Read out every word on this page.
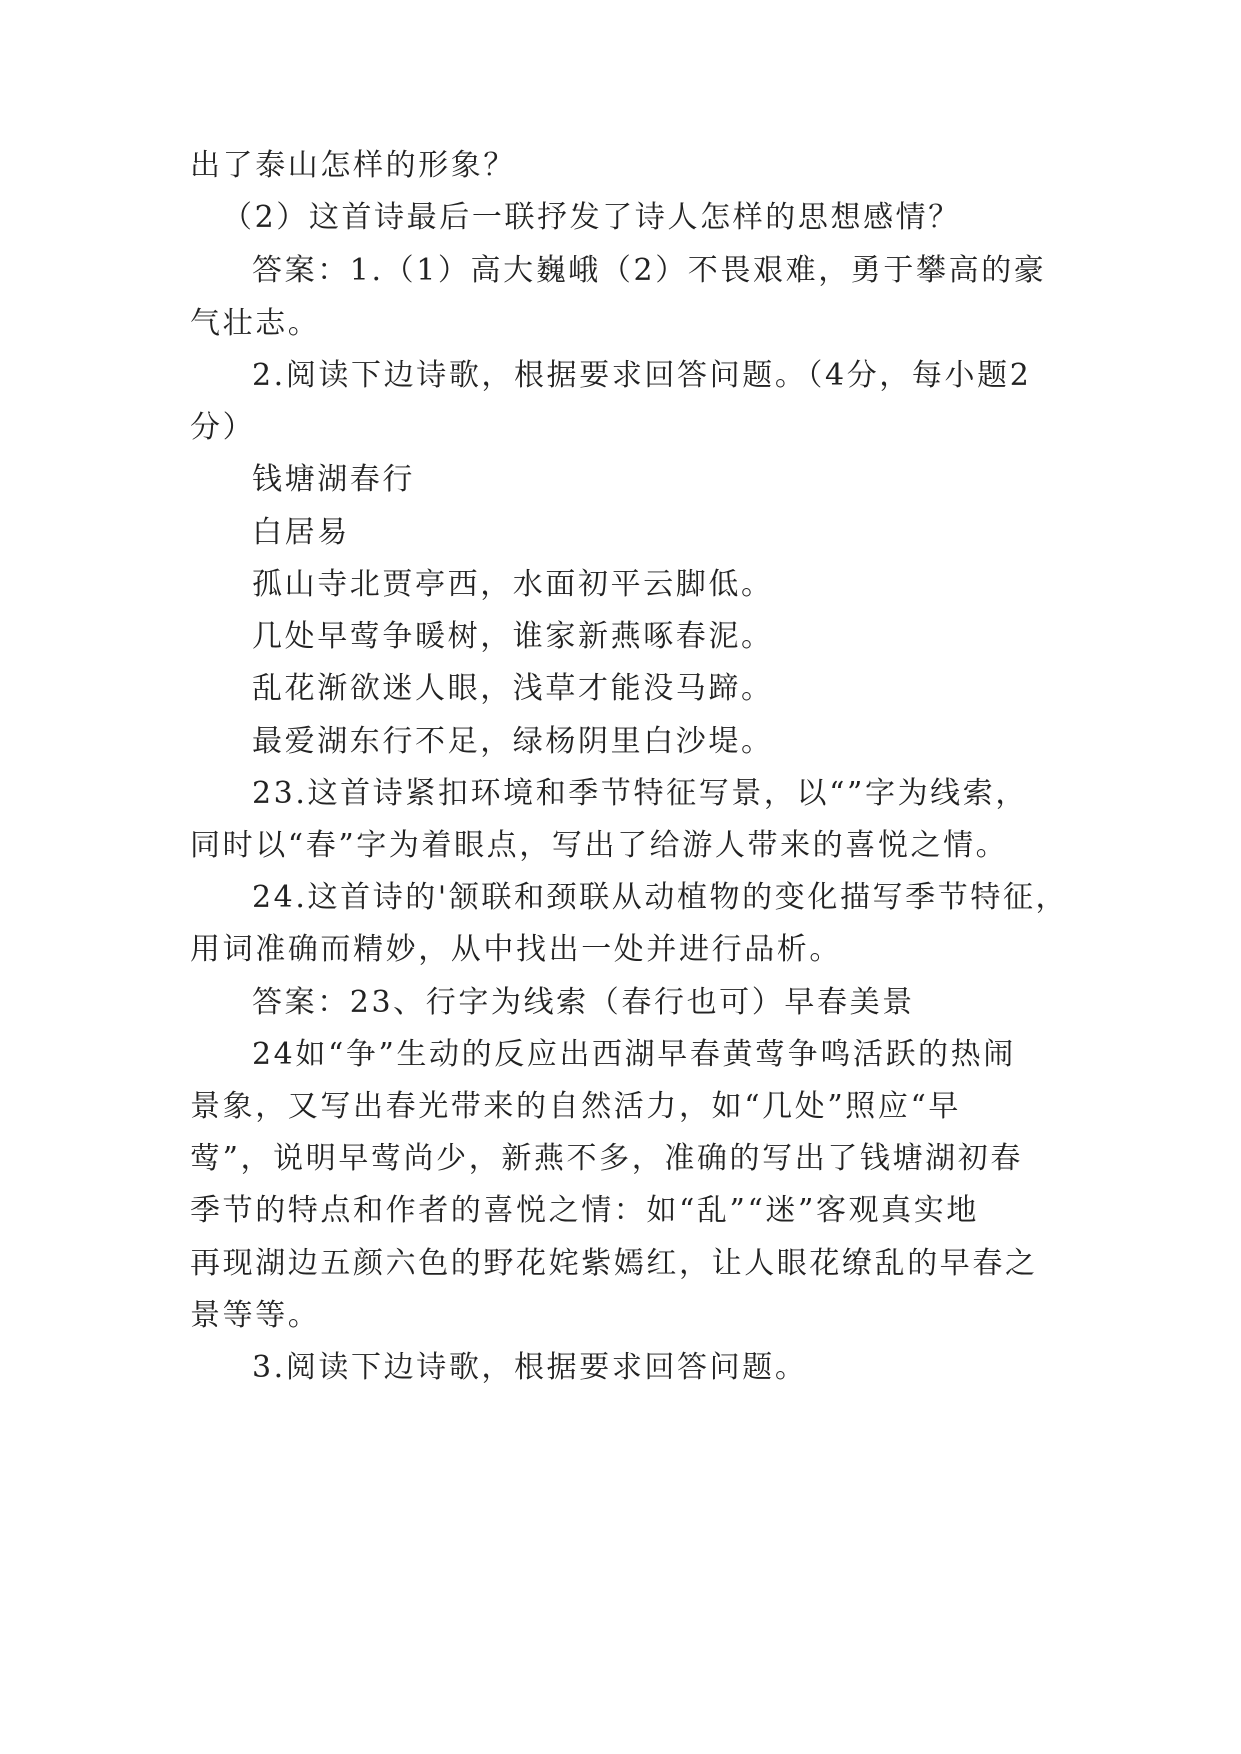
出了泰山怎样的形象？
（2）这首诗最后一联抒发了诗人怎样的思想感情？
答案：1.（1）高大巍峨（2）不畏艰难，勇于攀高的豪
气壮志。
2.阅读下边诗歌，根据要求回答问题。（4分，每小题2
分）
钱塘湖春行
白居易
孤山寺北贾亭西，水面初平云脚低。
几处早莺争暖树，谁家新燕啄春泥。
乱花渐欲迷人眼，浅草才能没马蹄。
最爱湖东行不足，绿杨阴里白沙堤。
23.这首诗紧扣环境和季节特征写景，以“”字为线索，
同时以“春”字为着眼点，写出了给游人带来的喜悦之情。
24.这首诗的'颔联和颈联从动植物的变化描写季节特征，
用词准确而精妙，从中找出一处并进行品析。
答案：23、行字为线索（春行也可）早春美景
24如“争”生动的反应出西湖早春黄莺争鸣活跃的热闹
景象，又写出春光带来的自然活力，如“几处”照应“早
莺”，说明早莺尚少，新燕不多，准确的写出了钱塘湖初春
季节的特点和作者的喜悦之情：如“乱”“迷”客观真实地
再现湖边五颜六色的野花姹紫嫣红，让人眼花缭乱的早春之
景等等。
3.阅读下边诗歌，根据要求回答问题。
